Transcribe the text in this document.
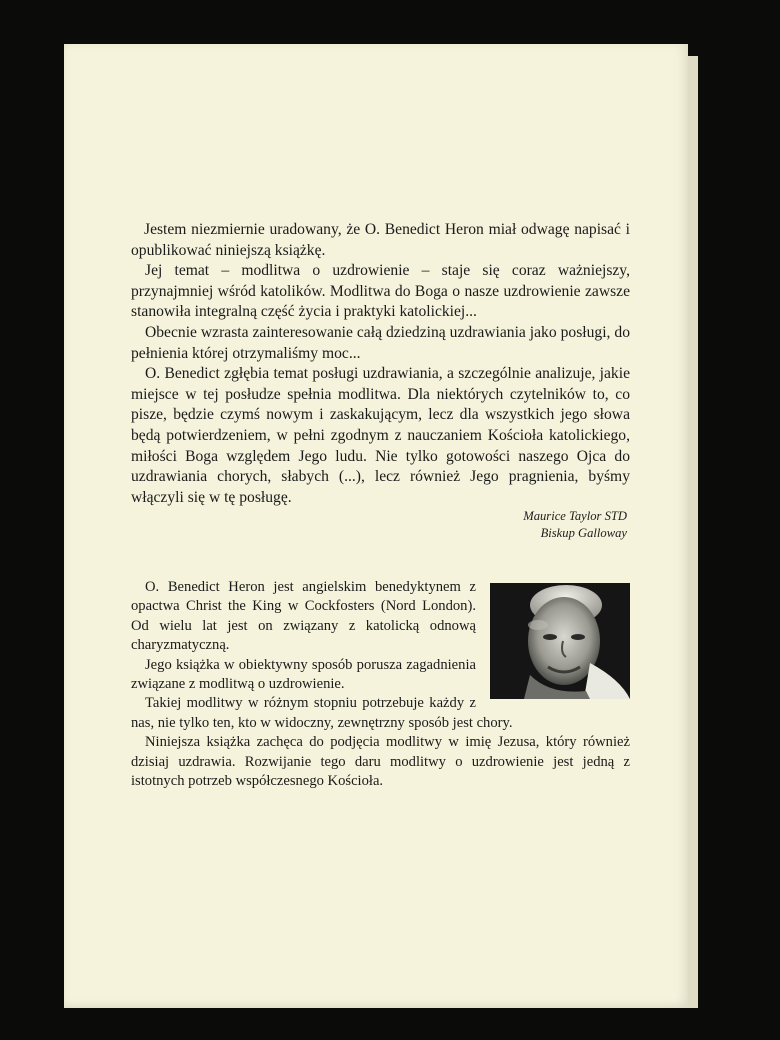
Jestem niezmiernie uradowany, że O. Benedict Heron miał odwagę napisać i opublikować niniejszą książkę.

Jej temat – modlitwa o uzdrowienie – staje się coraz ważniejszy, przynajmniej wśród katolików. Modlitwa do Boga o nasze uzdrowienie zawsze stanowiła integralną część życia i praktyki katolickiej...

Obecnie wzrasta zainteresowanie całą dziedziną uzdrawiania jako posługi, do pełnienia której otrzymaliśmy moc...

O. Benedict zgłębia temat posługi uzdrawiania, a szczególnie analizuje, jakie miejsce w tej posłudze spełnia modlitwa. Dla niektórych czytelników to, co pisze, będzie czymś nowym i zaskakującym, lecz dla wszystkich jego słowa będą potwierdzeniem, w pełni zgodnym z nauczaniem Kościoła katolickiego, miłości Boga względem Jego ludu. Nie tylko gotowości naszego Ojca do uzdrawiania chorych, słabych (...), lecz również Jego pragnienia, byśmy włączyli się w tę posługę.

Maurice Taylor STD
Biskup Galloway

O. Benedict Heron jest angielskim benedyktynem z opactwa Christ the King w Cockfosters (Nord London). Od wielu lat jest on związany z katolicką odnową charyzmatyczną.

Jego książka w obiektywny sposób porusza zagadnienia związane z modlitwą o uzdrowienie.

Takiej modlitwy w różnym stopniu potrzebuje każdy z nas, nie tylko ten, kto w widoczny, zewnętrzny sposób jest chory.

Niniejsza książka zachęca do podjęcia modlitwy w imię Jezusa, który również dzisiaj uzdrawia. Rozwijanie tego daru modlitwy o uzdrowienie jest jedną z istotnych potrzeb współczesnego Kościoła.
